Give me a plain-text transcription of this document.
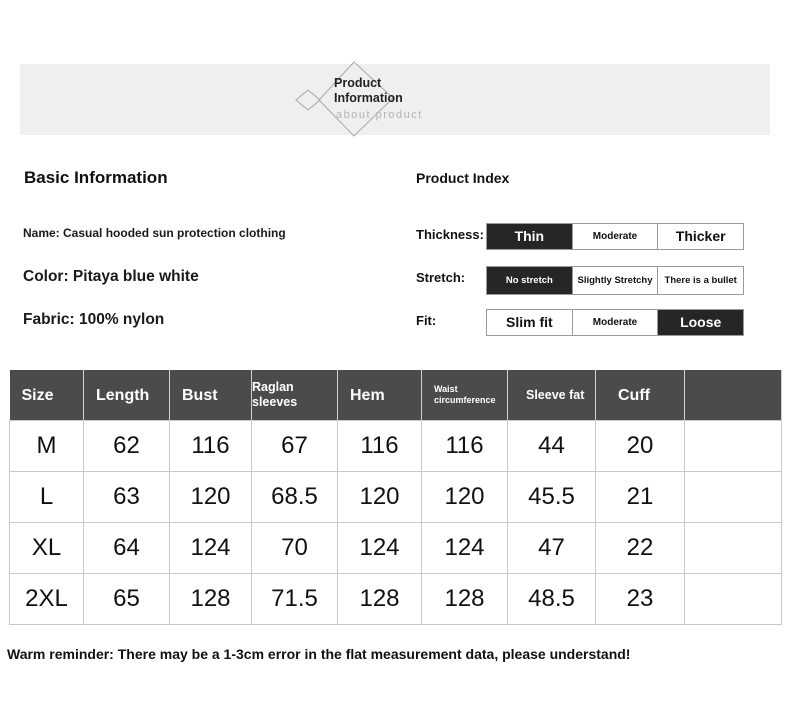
Product Information
about product
Basic Information
Name: Casual hooded sun protection clothing
Color: Pitaya blue white
Fabric: 100% nylon
Product Index
Thickness:	Thin	Moderate	Thicker
Stretch:	No stretch	Slightly Stretchy	There is a bullet
Fit:	Slim fit	Moderate	Loose
Size	Length	Bust	Raglan sleeves	Hem	Waist circumference	Sleeve fat	Cuff	
M	62	116	67	116	116	44	20	
L	63	120	68.5	120	120	45.5	21	
XL	64	124	70	124	124	47	22	
2XL	65	128	71.5	128	128	48.5	23	
Warm reminder: There may be a 1-3cm error in the flat measurement data, please understand!
